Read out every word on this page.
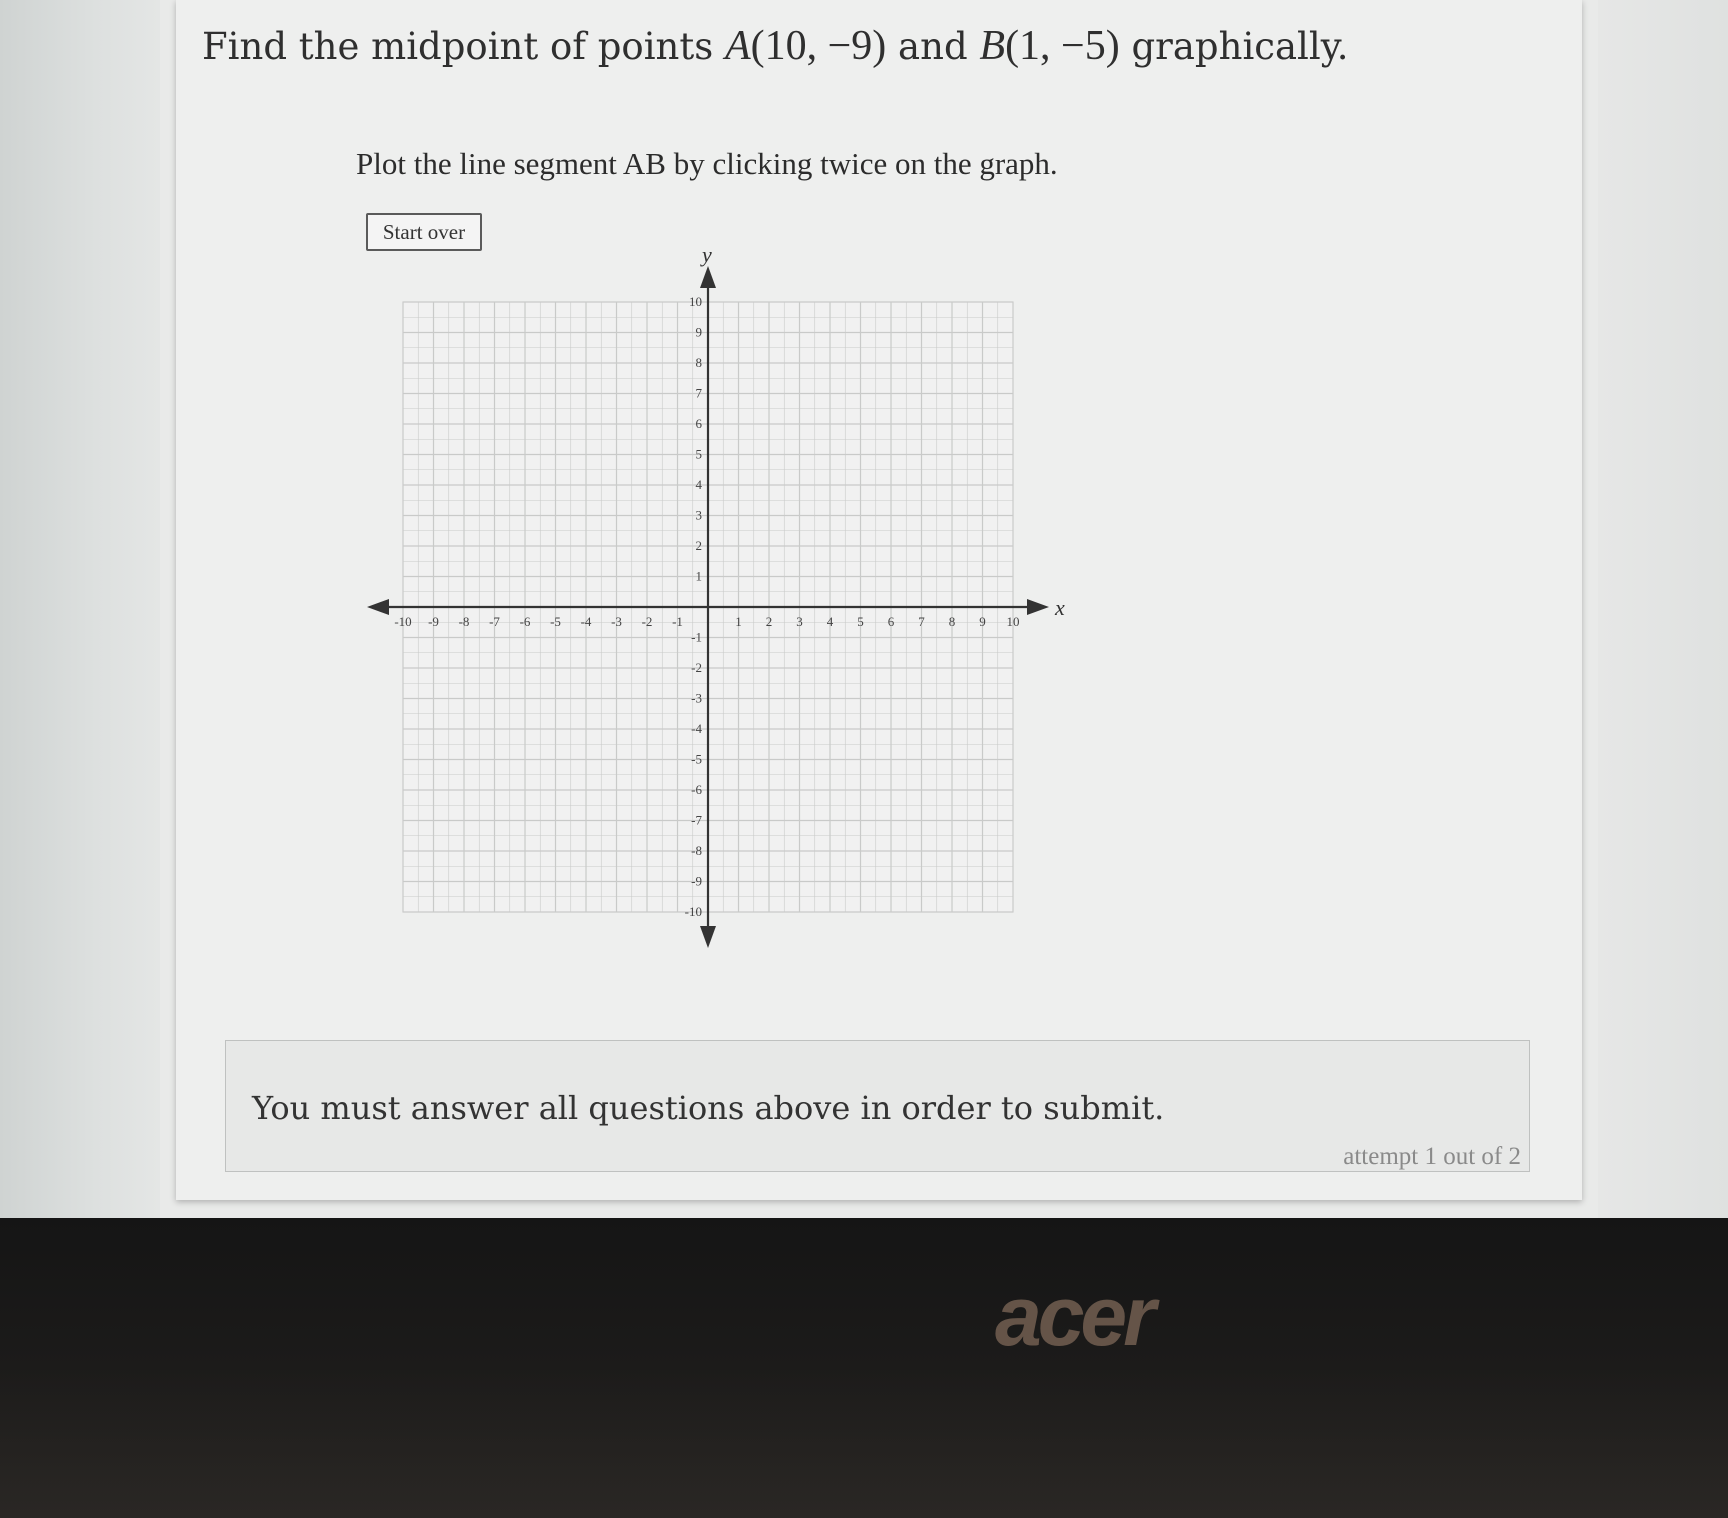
Find the midpoint of points A(10, −9) and B(1, −5) graphically.
Plot the line segment AB by clicking twice on the graph.
Start over
x
y
-10 -9 -8 -7 -6 -5 -4 -3 -2 -1	1 2 3 4 5 6 7 8 9 10
10
9
8
7
6
5
4
3
2
1
-1
-2
-3
-4
-5
-6
-7
-8
-9
-10
You must answer all questions above in order to submit.
attempt 1 out of 2
acer
